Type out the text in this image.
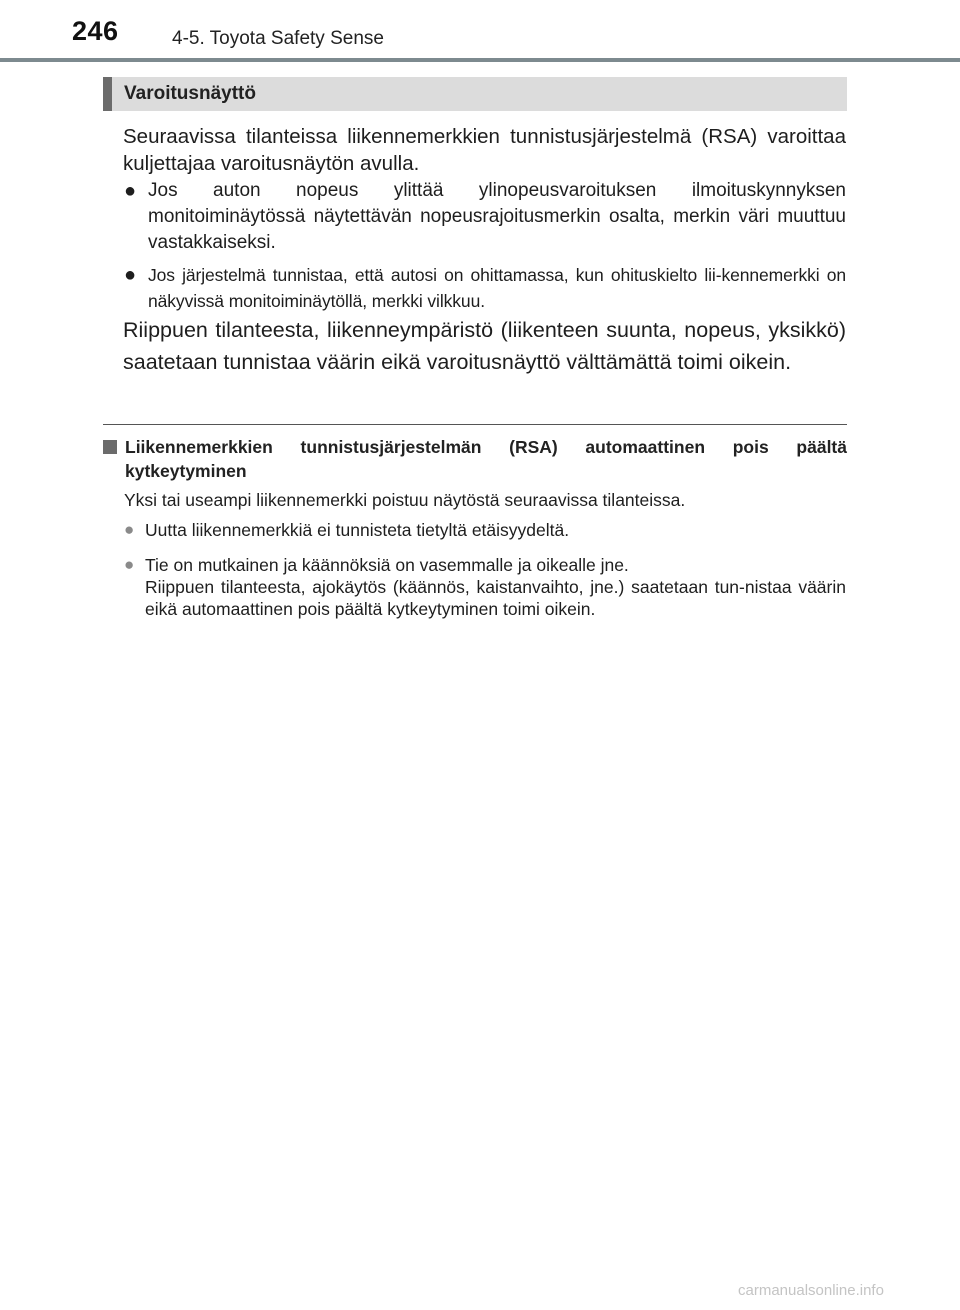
246	4-5. Toyota Safety Sense
Varoitusnäyttö
Seuraavissa tilanteissa liikennemerkkien tunnistusjärjestelmä (RSA) varoittaa kuljettajaa varoitusnäytön avulla.
● Jos auton nopeus ylittää ylinopeusvaroituksen ilmoituskynnyksen monitoiminäytössä näytettävän nopeusrajoitusmerkin osalta, merkin väri muuttuu vastakkaiseksi.
● Jos järjestelmä tunnistaa, että autosi on ohittamassa, kun ohituskielto lii-kennemerkki on näkyvissä monitoiminäytöllä, merkki vilkkuu.
Riippuen tilanteesta, liikenneympäristö (liikenteen suunta, nopeus, yksikkö) saatetaan tunnistaa väärin eikä varoitusnäyttö välttämättä toimi oikein.
Liikennemerkkien tunnistusjärjestelmän (RSA) automaattinen pois päältä kytkeytyminen
Yksi tai useampi liikennemerkki poistuu näytöstä seuraavissa tilanteissa.
● Uutta liikennemerkkiä ei tunnisteta tietyltä etäisyydeltä.

● Tie on mutkainen ja käännöksiä on vasemmalle ja oikealle jne.

Riippuen tilanteesta, ajokäytös (käännös, kaistanvaihto, jne.) saatetaan tun-nistaa väärin eikä automaattinen pois päältä kytkeytyminen toimi oikein.

carmanualsonline.info
